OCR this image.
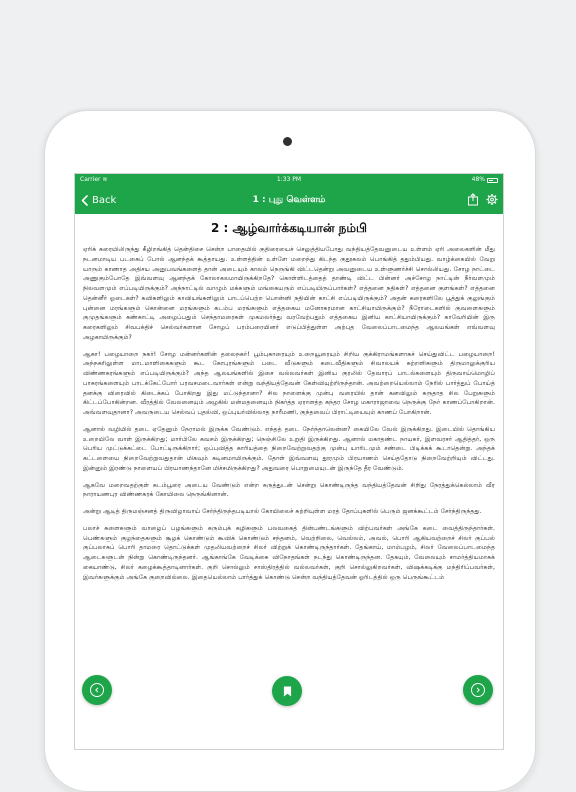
Carrier ≋	1:33 PM	48%
Back	1 : புது வெள்ளம்
2 : ஆழ்வார்க்கடியான் நம்பி

ஏரிக் கரையிலிருந்து கீழிறங்கித் தென்திசை சென்ற பாதையில் குதிரையைச் செலுத்தியபோது வந்தியத்தேவனுடைய உள்ளம் ஏரி அலைகளின் மீது நடனமாடிய படகைப் போல் ஆனந்தக் கூத்தாயது. உள்ளத்தின் உள்ளே மறைந்து கிடந்த குதூகலம் பொங்கித் ததும்பியது. வாழ்க்கையில் வேறு யாரும் காணாத அதிசய அனுபவங்களைத் தான் அடையும் காலம் நெருங்கி விட்டதென்று அவனுடைய உள்ளுணர்ச்சி சொல்லியது. சோழ நாட்டை அணுகும்போதே இவ்வளவு ஆனந்தக் கோலாகலமாயிருக்கிறதே? கொள்ளிடத்தைத் தாண்டி விட்ட பின்னர் அச்சோழ நாட்டின் நீர்வளமும் நிலவளமும் எப்படியிருக்கும்? அந்நாட்டில் வாழும் மக்களும் மங்கையரும் எப்படியிருப்பார்கள்? எத்தனை நதிகள்? எத்தனை குளங்கள்? எத்தனை தென்னீர் ஓடைகள்? கவிகளிலும் காவியங்களிலும் பாடப்பெற்ற பொன்னி நதியின் காட்சி எப்படியிருக்கும்? அதன் கரைகளிலே பூத்துக் குலுங்கும் புன்னை மரங்களும் கொன்னை மரங்களும் கடம்ப மரங்களும் எத்தகைய மனோகரமான காட்சியாயிருக்கும்? நீரோடைகளில் குவளைகளும் குமுதங்களும் கண்காட்டி அழைப்பதும் செந்தாமரைகள் முகமலர்ந்து வரவேற்பதும் எத்தகைய இனிய காட்சியாயிருக்கும்? காவேரியின் இரு கரைகளிலும் சிவபக்திச் செல்வர்களான சோழப் பரம்பரையினர் எடுப்பித்துள்ள அற்புத வேலைப்பாடமைந்த ஆலயங்கள் எவ்வளவு அழகாயிருக்கும்?

ஆகா! பழையாறை நகர்! சோழ மன்னர்களின் தலைநகர்! பூம்புகாரையும் உறையூரையும் சிறிய குக்கிராமங்களாகச் செய்துவிட்ட பழையாறை! அந்நகரிலுள்ள மாடமாளிகைகளும் கூட கோபுரங்களும் படை வீடுகளும் கடைவீதிகளும் சிவாலயக் கற்றளிகளும் திருமாலுக்குரிய விண்ணகரங்களும் எப்படியிருக்கும்? அந்த ஆலயங்களில் இசை வல்லவர்கள் இனிய குரலில் தேவாரப் பாடல்களையும் திருவாய்மொழிப் பாசுரங்களையும் பாடக்கேட்போர் பரவசமடைவார்கள் என்று வந்தியத்தேவன் கேள்வியுற்றிருந்தான். அவற்றையெல்லாம் நேரில் பார்த்துப் போய்த் தனக்கு விரைவில் கிடைக்கப் போகிறது இது மட்டுந்தானா? சில நாளைக்கு முன்பு வரையில் தான் கனவிலும் கருதாத சில பேறுகளும் கிட்டப்போகின்றன. வீரத்தில் வேலனையும் அழகில் மன்மதனையும் நிகர்த்த ஏராளத்த சுந்தர சோழ மகாராஜாவை நெருக்கு நேர் காணப்போகிறான். அவ்வளவுதானா? அவருடைய செல்வப் புதல்வி, ஒப்புயர்வில்லாத நாரீமணி, குந்தவைப் பிராட்டியையும் காணப் போகிறான்.

ஆனால் வழியில் தடை ஏதேனும் நேராமல் இருக்க வேண்டும். எந்தத் தடை நேர்ந்தாலென்ன? கையிலே வேல் இருக்கிறது. இடையில் தொங்கிய உறையிலே வாள் இருக்கிறது; மார்பிலே கவசம் இருக்கிறது; நெஞ்சிலே உறுதி இருக்கிறது. ஆனால் மகாதண்ட நாயகர், இளவரசர் ஆதித்தர், ஒரு பெரிய முட்டுக்கட்டை போட்டிருக்கிறார்; ஒப்புவித்த காரியத்தை நிறைவேற்றுவதற்கு முன்பு யாரிடமும் சண்டை பிடிக்கக் கூடாதென்று. அந்தக் கட்டளையை நிறைவேற்றுவதுதான் மிகவும் கடினமாயிருக்கும். தோள் இவ்வளவு தூரமும் பிரயாணம் செய்ததோடு நிறைவேற்றியும் விட்டது. இன்னும் இரண்டு நாளையப் பிரயாணந்தானே மிச்சமிருக்கிறது? அதுவரை பொறுமையுடன் இருந்தே தீர வேண்டும்.

ஆகவே மறைவதற்குள் கடம்பூரை அடைய வேண்டும் என்ற கருத்துடன் சென்று கொண்டிருந்த வந்தியத்தேவன் சிறிது நேரத்துக்கெல்லாம் வீர நாராயணபுர விண்ணகரக் கோயிலை நெருங்கினான்.

அன்று ஆடித் திருமஞ்சனத் திருவிழாவாய் சேர்ந்திருந்தபடியால் கோயிலைச் சுற்றியுள்ள மரத் தோப்புகளில் பெரும் ஜனக்கூட்டம் சேர்ந்திருந்தது.

பலாச் சுளைகளும் வாழைப் பழங்களும் கரும்புக் கழிகளும் பலவகைத் தின்பண்டங்களும் விற்பவர்கள் அங்கே கடை வைத்திருந்தார்கள். பெண்களும் குழந்தைகளும் சூழக் கொண்டும் கூவிக் கொண்டும் சந்தனம், வெற்றிலை, வெல்லம், அவல், பொரி ஆகியவற்றைச் சிலர் குப்பல் குப்பலாகப் பொரி தாமரை தொட்டுக்கள் முதலியவற்றைச் சிலர் விற்றுக் கொண்டிருந்தார்கள். தேங்காய், மாம்பழம், சிலர் வேலைப்பாடமைந்த ஆடைகளுடன் நின்று கொண்டிருந்தனர். ஆங்காங்கே வேடிக்கை விநோதங்கள் நடந்து கொண்டிருந்தன. தேகயும், வேலையும் சாமர்த்தியமாகக் கையாண்டு, சிலர் கழைக்கூத்தாடினார்கள். குறி சொல்லும் சாஸ்திரத்தில் வல்லவர்கள், குறி சொல்லுகிறவர்கள், விஷக்கடிக்கு மந்திரிப்பவர்கள், இவர்களுக்கும் அங்கே குறைவில்லை. இதையெல்லாம் பார்த்துக் கொண்டு சென்ற வந்தியத்தேவன் ஓரிடத்தில் ஒரு பெருங்கூட்டம்
